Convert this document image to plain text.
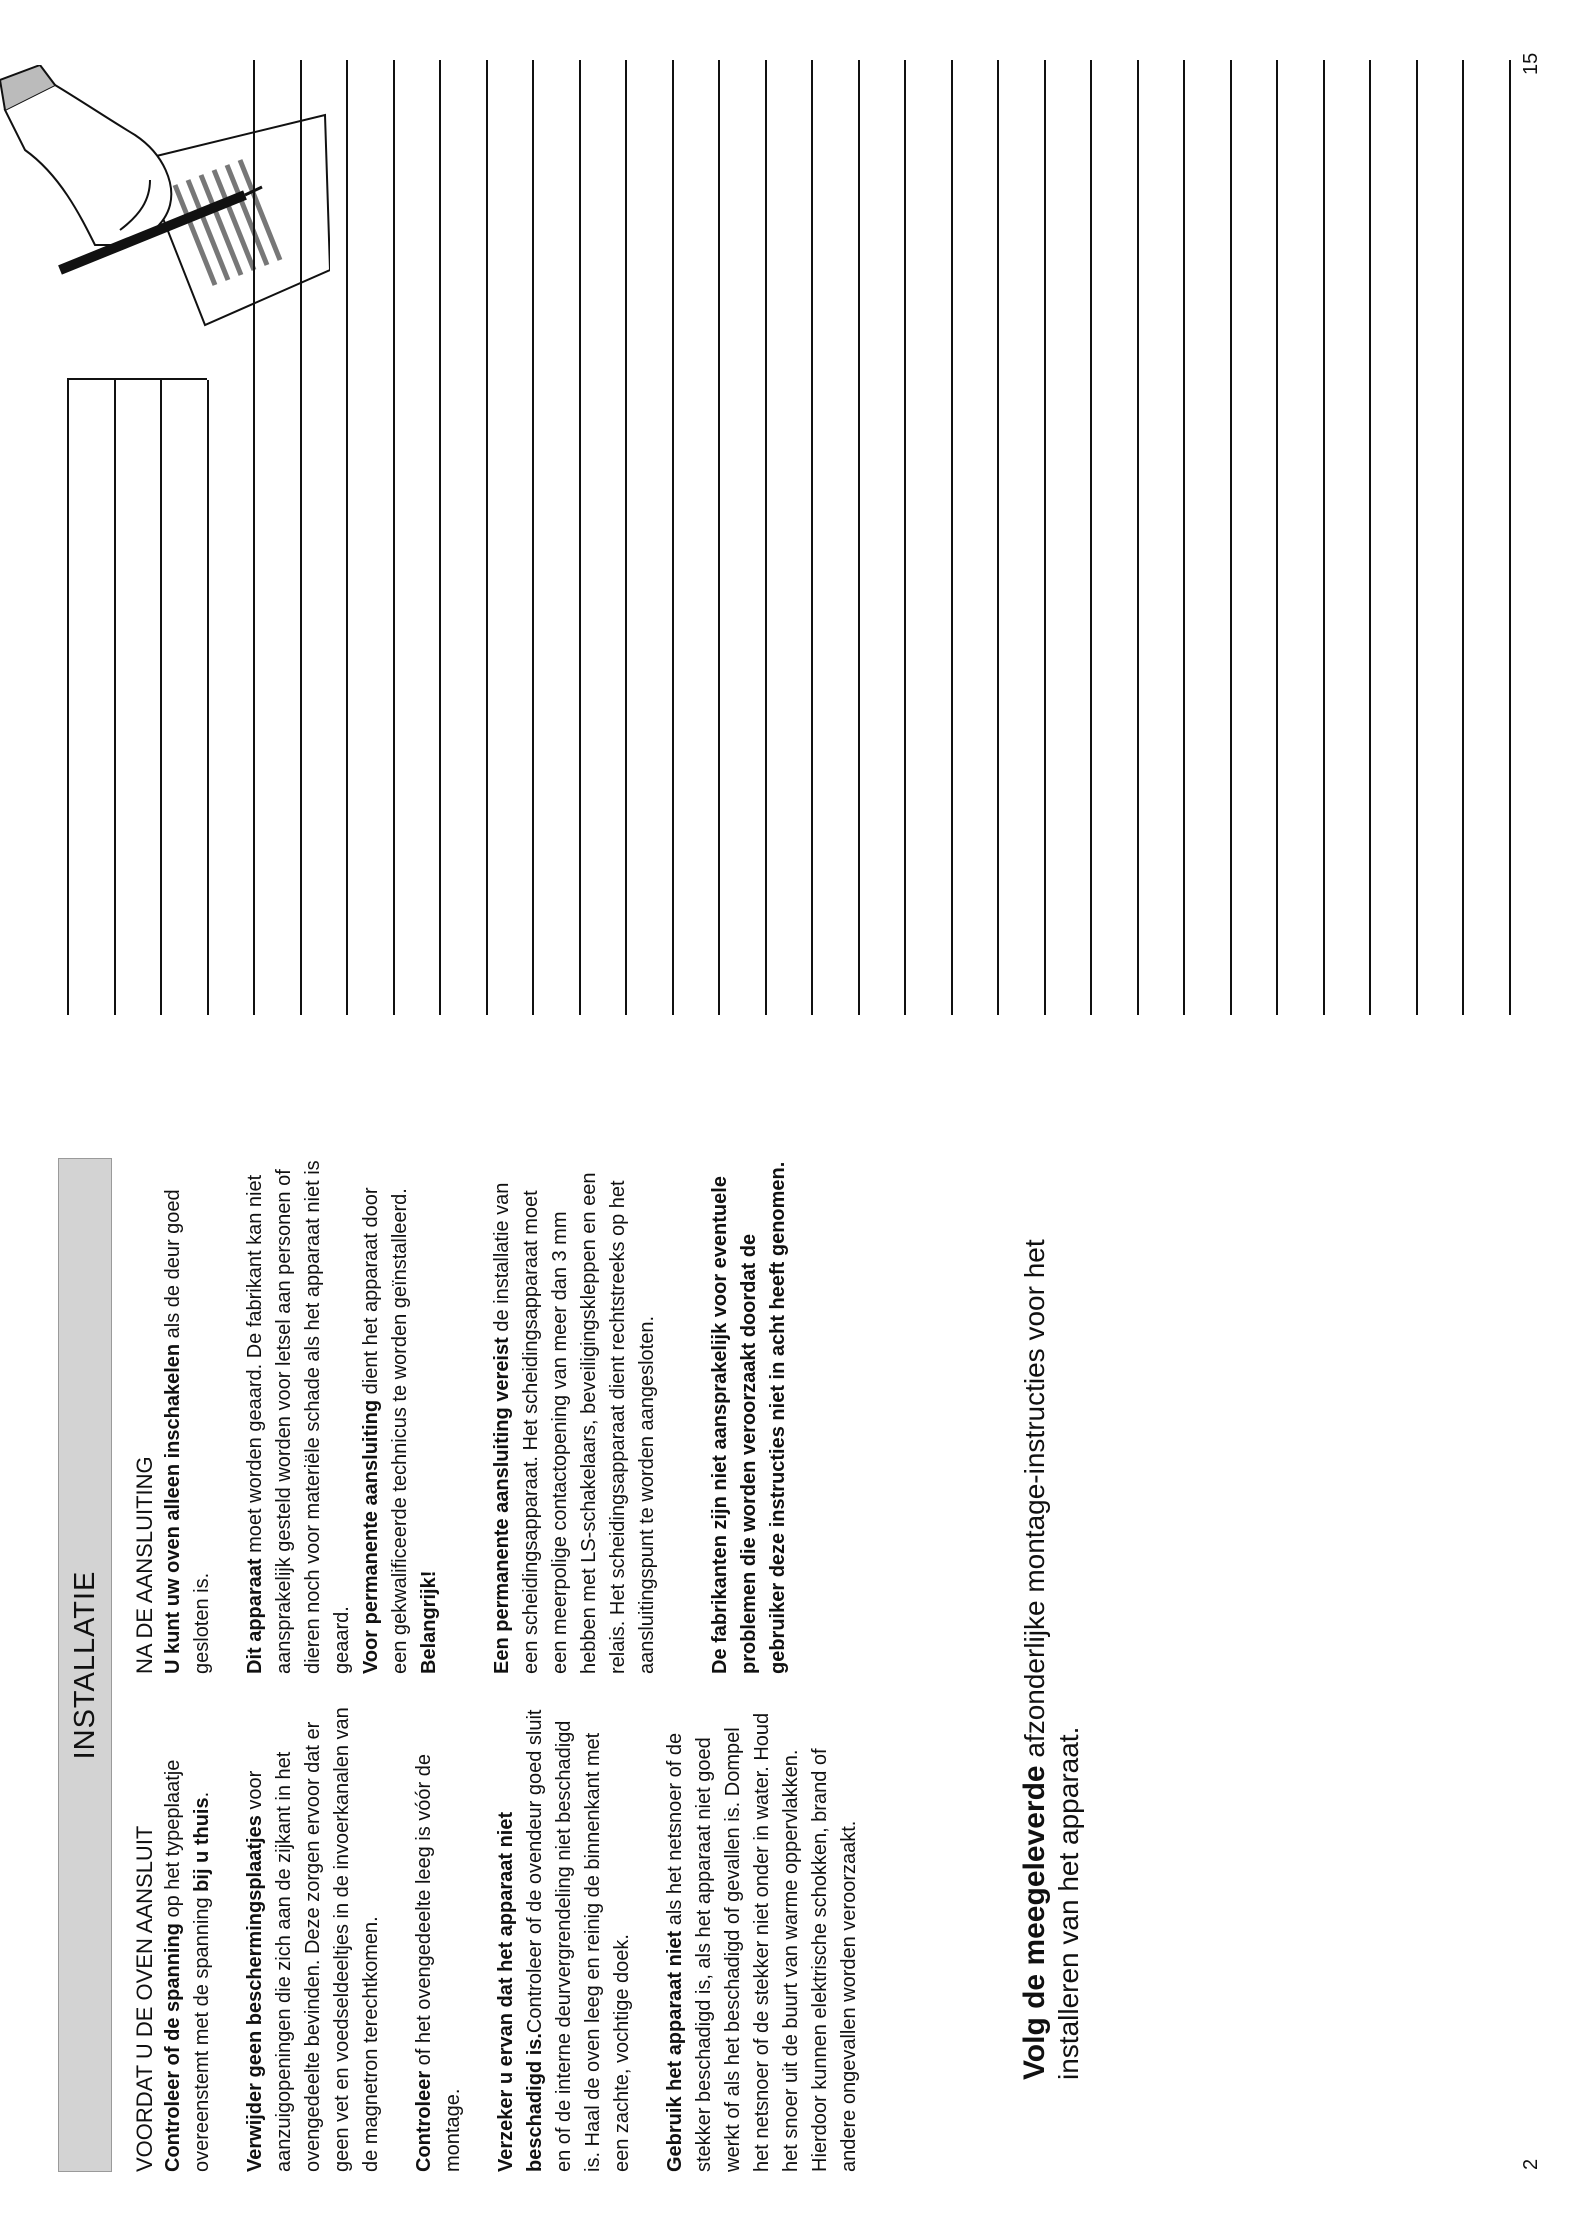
2
15
INSTALLATIE

VOORDAT U DE OVEN AANSLUIT Controleer of de spanning op het typeplaatje overeenstemt met de spanning bij u thuis.

Verwijder geen beschermingsplaatjes voor aanzuigopeningen die zich aan de zijkant in het ovengedeelte bevinden. Deze zorgen ervoor dat er geen vet en voedseldeeltjes in de invoerkanalen van de magnetron terechtkomen. Controleer of het ovengedeelte leeg is vóór de montage. Verzeker u ervan dat het apparaat niet beschadigd is.Controleer of de ovendeur goed sluit en of de interne deurvergrendeling niet beschadigd is. Haal de oven leeg en reinig de binnenkant met een zachte, vochtige doek. Gebruik het apparaat niet als het netsnoer of de stekker beschadigd is, als het apparaat niet goed werkt of als het beschadigd of gevallen is. Dompel het netsnoer of de stekker niet onder in water. Houd het snoer uit de buurt van warme oppervlakken. Hierdoor kunnen elektrische schokken, brand of andere ongevallen worden veroorzaakt.

NA DE AANSLUITING U kunt uw oven alleen inschakelen als de deur goed gesloten is. Dit apparaat moet worden geaard. De fabrikant kan niet aansprakelijk gesteld worden voor letsel aan personen of dieren noch voor materiële schade als het apparaat niet is geaard. Voor permanente aansluiting dient het apparaat door een gekwalificeerde technicus te worden geïnstalleerd. Belangrijk!	Een permanente aansluiting vereist de installatie van een scheidingsapparaat. Het scheidingsapparaat moet een meerpolige contactopening van meer dan 3 mm hebben met LS-schakelaars, beveiligingskleppen en een relais. Het scheidingsapparaat dient rechtstreeks op het aansluitingspunt te worden aangesloten.	De fabrikanten zijn niet aansprakelijk voor eventuele problemen die worden veroorzaakt doordat de gebruiker deze instructies niet in acht heeft genomen.

Volg de meegeleverde afzonderlijke montage-instructies voor het installeren van het apparaat.
